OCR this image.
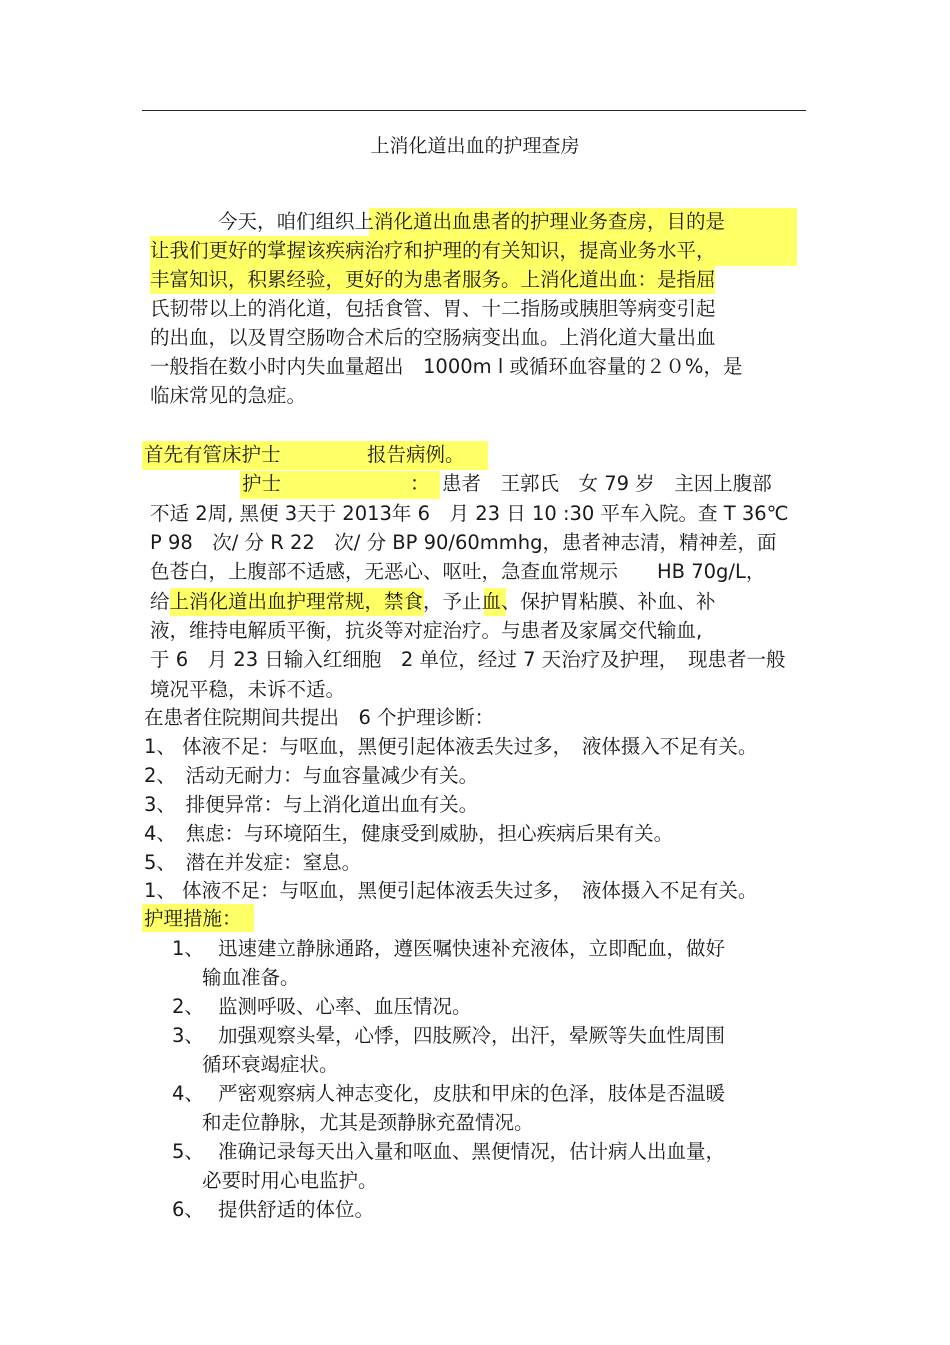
上消化道出血的护理查房
今天，咱们组织上消化道出血患者的护理业务查房，目的是
让我们更好的掌握该疾病治疗和护理的有关知识，提高业务水平，
丰富知识，积累经验，更好的为患者服务。上消化道出血：是指屈
氏韧带以上的消化道，包括食管、胃、十二指肠或胰胆等病变引起
的出血，以及胃空肠吻合术后的空肠病变出血。上消化道大量出血
一般指在数小时内失血量超出　1000m l 或循环血容量的２０%，是
临床常见的急症。
首先有管床护士	报告病例。
护士	： 患者　王郭氏　女 79 岁　主因上腹部
不适 2周, 黑便 3天于 2013年 6　月 23 日 10 :30 平车入院。查 T 36℃
P 98　次/ 分 R 22　次/ 分 BP 90/60mmhg，患者神志清，精神差，面
色苍白，上腹部不适感，无恶心、呕吐，急查血常规示　　HB 70g/L，
给上消化道出血护理常规，禁食，予止血、保护胃粘膜、补血、补
液，维持电解质平衡，抗炎等对症治疗。与患者及家属交代输血,
于 6　月 23 日输入红细胞　2 单位，经过 7 天治疗及护理，　现患者一般
境况平稳，未诉不适。
在患者住院期间共提出　6 个护理诊断：
1、 体液不足：与呕血，黑便引起体液丢失过多，　液体摄入不足有关。
2、　活动无耐力：与血容量减少有关。
3、　排便异常：与上消化道出血有关。
4、　焦虑：与环境陌生，健康受到威胁，担心疾病后果有关。
5、　潜在并发症：窒息。
1、 体液不足：与呕血，黑便引起体液丢失过多，　液体摄入不足有关。
护理措施：
1、 迅速建立静脉通路，遵医嘱快速补充液体，立即配血，做好
输血准备。
2、 监测呼吸、心率、血压情况。
3、 加强观察头晕，心悸，四肢厥冷，出汗，晕厥等失血性周围
循环衰竭症状。
4、 严密观察病人神志变化，皮肤和甲床的色泽，肢体是否温暖
和走位静脉，尤其是颈静脉充盈情况。
5、 准确记录每天出入量和呕血、黑便情况，估计病人出血量，
必要时用心电监护。
6、 提供舒适的体位。
